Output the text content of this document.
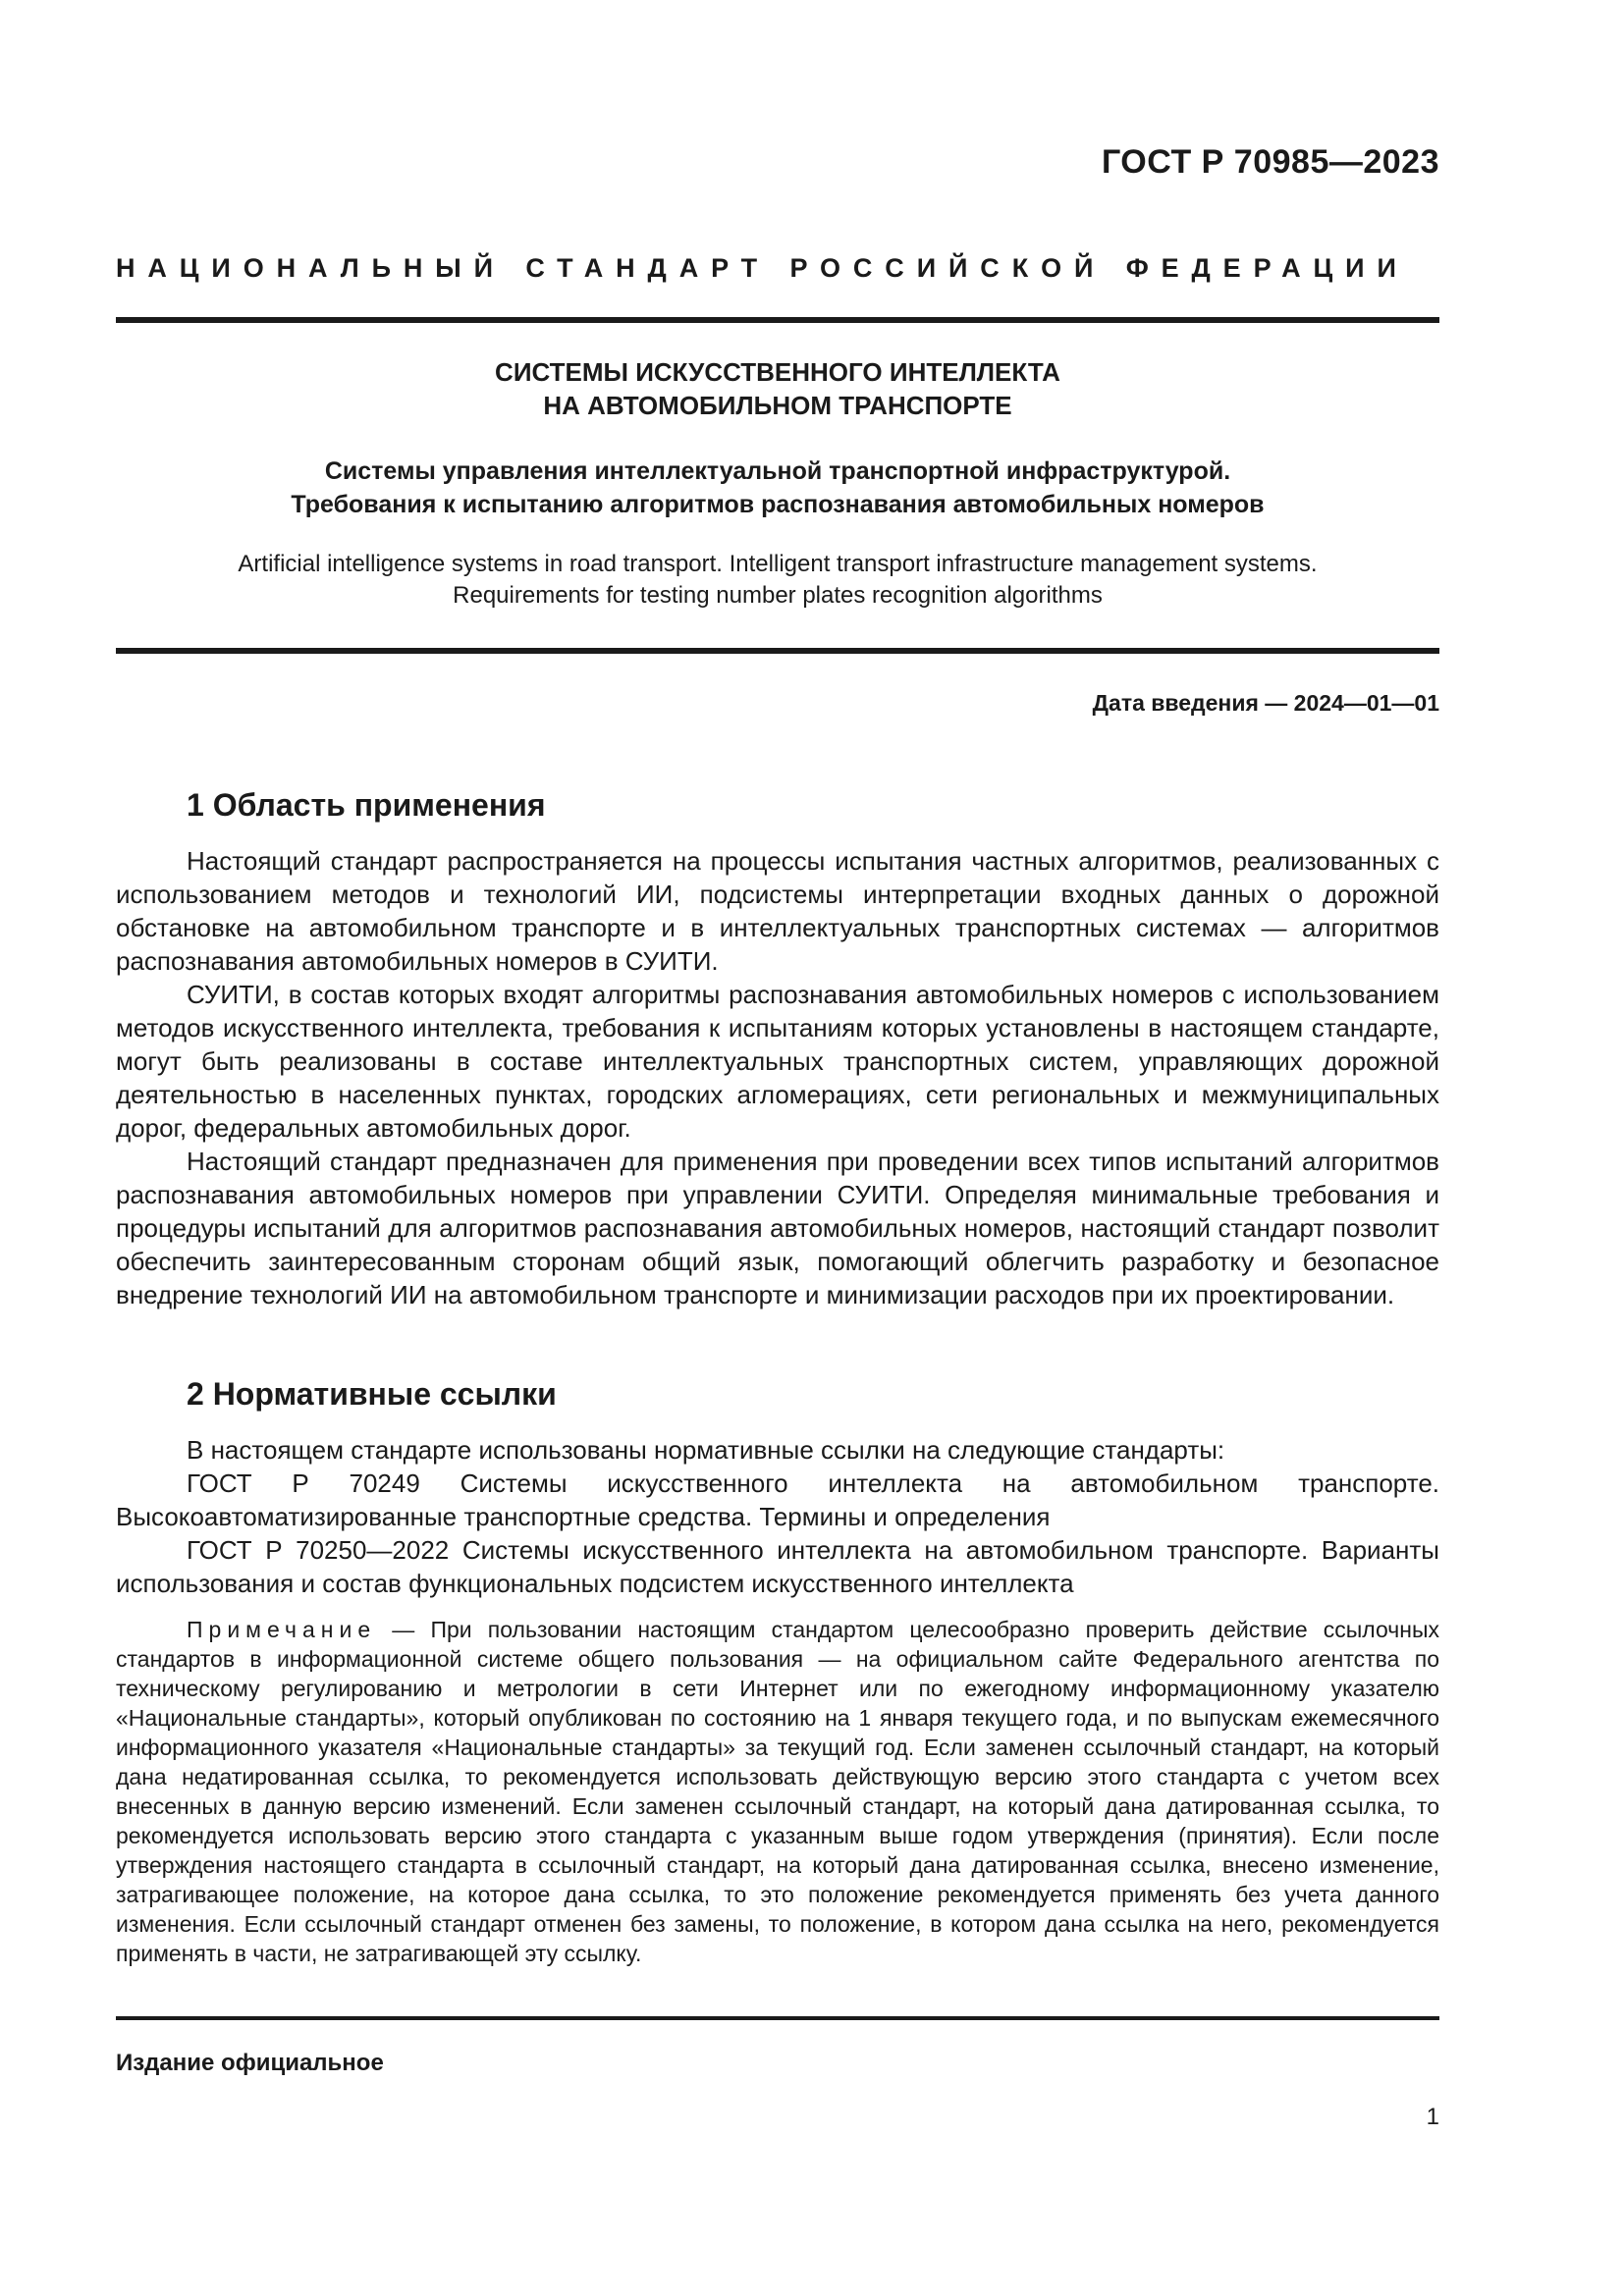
ГОСТ Р 70985—2023
НАЦИОНАЛЬНЫЙ СТАНДАРТ РОССИЙСКОЙ ФЕДЕРАЦИИ
СИСТЕМЫ ИСКУССТВЕННОГО ИНТЕЛЛЕКТА
НА АВТОМОБИЛЬНОМ ТРАНСПОРТЕ
Системы управления интеллектуальной транспортной инфраструктурой.
Требования к испытанию алгоритмов распознавания автомобильных номеров
Artificial intelligence systems in road transport. Intelligent transport infrastructure management systems.
Requirements for testing number plates recognition algorithms
Дата введения — 2024—01—01
1 Область применения

Настоящий стандарт распространяется на процессы испытания частных алгоритмов, реализованных с использованием методов и технологий ИИ, подсистемы интерпретации входных данных о дорожной обстановке на автомобильном транспорте и в интеллектуальных транспортных системах — алгоритмов распознавания автомобильных номеров в СУИТИ.

СУИТИ, в состав которых входят алгоритмы распознавания автомобильных номеров с использованием методов искусственного интеллекта, требования к испытаниям которых установлены в настоящем стандарте, могут быть реализованы в составе интеллектуальных транспортных систем, управляющих дорожной деятельностью в населенных пунктах, городских агломерациях, сети региональных и межмуниципальных дорог, федеральных автомобильных дорог.

Настоящий стандарт предназначен для применения при проведении всех типов испытаний алгоритмов распознавания автомобильных номеров при управлении СУИТИ. Определяя минимальные требования и процедуры испытаний для алгоритмов распознавания автомобильных номеров, настоящий стандарт позволит обеспечить заинтересованным сторонам общий язык, помогающий облегчить разработку и безопасное внедрение технологий ИИ на автомобильном транспорте и минимизации расходов при их проектировании.

2 Нормативные ссылки

В настоящем стандарте использованы нормативные ссылки на следующие стандарты:

ГОСТ Р 70249 Системы искусственного интеллекта на автомобильном транспорте. Высокоавтоматизированные транспортные средства. Термины и определения

ГОСТ Р 70250—2022 Системы искусственного интеллекта на автомобильном транспорте. Варианты использования и состав функциональных подсистем искусственного интеллекта

Примечание — При пользовании настоящим стандартом целесообразно проверить действие ссылочных стандартов в информационной системе общего пользования — на официальном сайте Федерального агентства по техническому регулированию и метрологии в сети Интернет или по ежегодному информационному указателю «Национальные стандарты», который опубликован по состоянию на 1 января текущего года, и по выпускам ежемесячного информационного указателя «Национальные стандарты» за текущий год. Если заменен ссылочный стандарт, на который дана недатированная ссылка, то рекомендуется использовать действующую версию этого стандарта с учетом всех внесенных в данную версию изменений. Если заменен ссылочный стандарт, на который дана датированная ссылка, то рекомендуется использовать версию этого стандарта с указанным выше годом утверждения (принятия). Если после утверждения настоящего стандарта в ссылочный стандарт, на который дана датированная ссылка, внесено изменение, затрагивающее положение, на которое дана ссылка, то это положение рекомендуется применять без учета данного изменения. Если ссылочный стандарт отменен без замены, то положение, в котором дана ссылка на него, рекомендуется применять в части, не затрагивающей эту ссылку.

Издание официальное
1
